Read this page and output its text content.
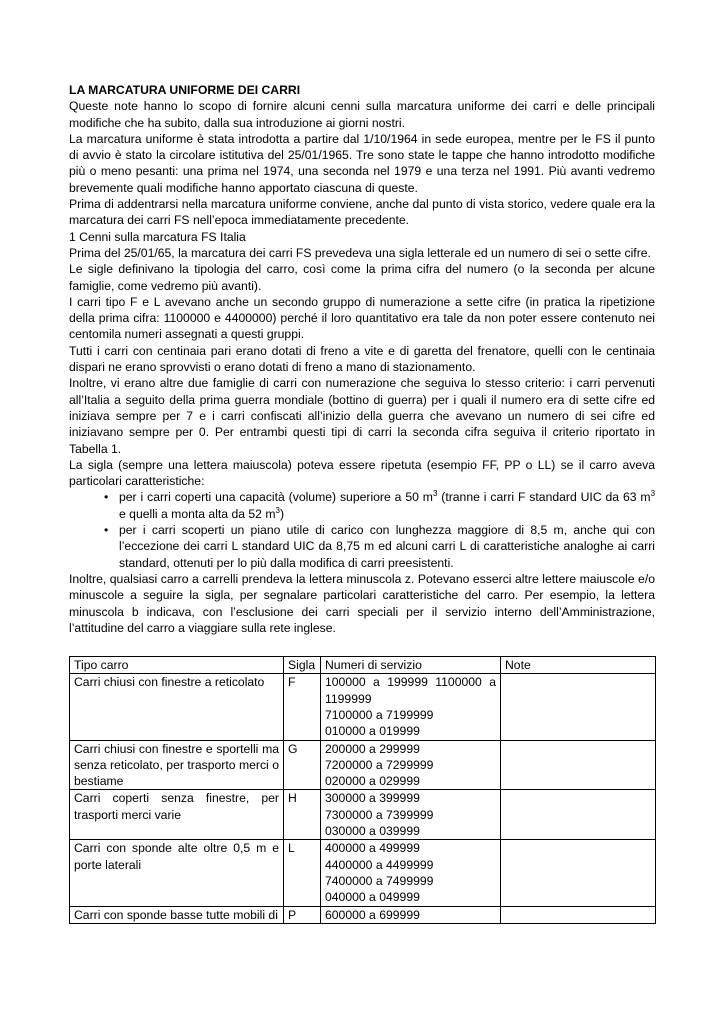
LA MARCATURA UNIFORME DEI CARRI

Queste note hanno lo scopo di fornire alcuni cenni sulla marcatura uniforme dei carri e delle principali modifiche che ha subito, dalla sua introduzione ai giorni nostri.

La marcatura uniforme è stata introdotta a partire dal 1/10/1964 in sede europea, mentre per le FS il punto di avvio è stato la circolare istitutiva del 25/01/1965. Tre sono state le tappe che hanno introdotto modifiche più o meno pesanti: una prima nel 1974, una seconda nel 1979 e una terza nel 1991. Più avanti vedremo brevemente quali modifiche hanno apportato ciascuna di queste.

Prima di addentrarsi nella marcatura uniforme conviene, anche dal punto di vista storico, vedere quale era la marcatura dei carri FS nell’epoca immediatamente precedente.

1 Cenni sulla marcatura FS Italia

Prima del 25/01/65, la marcatura dei carri FS prevedeva una sigla letterale ed un numero di sei o sette cifre.

Le sigle definivano la tipologia del carro, così come la prima cifra del numero (o la seconda per alcune famiglie, come vedremo più avanti).

I carri tipo F e L avevano anche un secondo gruppo di numerazione a sette cifre (in pratica la ripetizione della prima cifra: 1100000 e 4400000) perché il loro quantitativo era tale da non poter essere contenuto nei centomila numeri assegnati a questi gruppi.

Tutti i carri con centinaia pari erano dotati di freno a vite e di garetta del frenatore, quelli con le centinaia dispari ne erano sprovvisti o erano dotati di freno a mano di stazionamento.

Inoltre, vi erano altre due famiglie di carri con numerazione che seguiva lo stesso criterio: i carri pervenuti all’Italia a seguito della prima guerra mondiale (bottino di guerra) per i quali il numero era di sette cifre ed iniziava sempre per 7 e i carri confiscati all’inizio della guerra che avevano un numero di sei cifre ed iniziavano sempre per 0. Per entrambi questi tipi di carri la seconda cifra seguiva il criterio riportato in Tabella 1.

La sigla (sempre una lettera maiuscola) poteva essere ripetuta (esempio FF, PP o LL) se il carro aveva particolari caratteristiche:

• per i carri coperti una capacità (volume) superiore a 50 $m^3$ (tranne i carri F standard UIC da 63 $m^3$ e quelli a monta alta da 52 $m^3$)
• per i carri scoperti un piano utile di carico con lunghezza maggiore di 8,5 m, anche qui con l’eccezione dei carri L standard UIC da 8,75 m ed alcuni carri L di caratteristiche analoghe ai carri standard, ottenuti per lo più dalla modifica di carri preesistenti.

Inoltre, qualsiasi carro a carrelli prendeva la lettera minuscola z. Potevano esserci altre lettere maiuscole e/o minuscole a seguire la sigla, per segnalare particolari caratteristiche del carro. Per esempio, la lettera minuscola b indicava, con l’esclusione dei carri speciali per il servizio interno dell’Amministrazione, l’attitudine del carro a viaggiare sulla rete inglese.

Tipo carro	Sigla	Numeri di servizio	Note
Carri chiusi con finestre a reticolato	F	100000 a 199999 1100000 a 1199999
7100000 a 7199999
010000 a 019999	

Carri chiusi con finestre e sportelli ma senza reticolato, per trasporto merci o bestiame	G	200000 a 299999
7200000 a 7299999
020000 a 029999	

Carri coperti senza finestre, per trasporti merci varie	H	300000 a 399999
7300000 a 7399999
030000 a 039999	

Carri con sponde alte oltre 0,5 m e porte laterali	L	400000 a 499999
4400000 a 4499999
7400000 a 7499999
040000 a 049999	

Carri con sponde basse tutte mobili di	P	600000 a 699999	
